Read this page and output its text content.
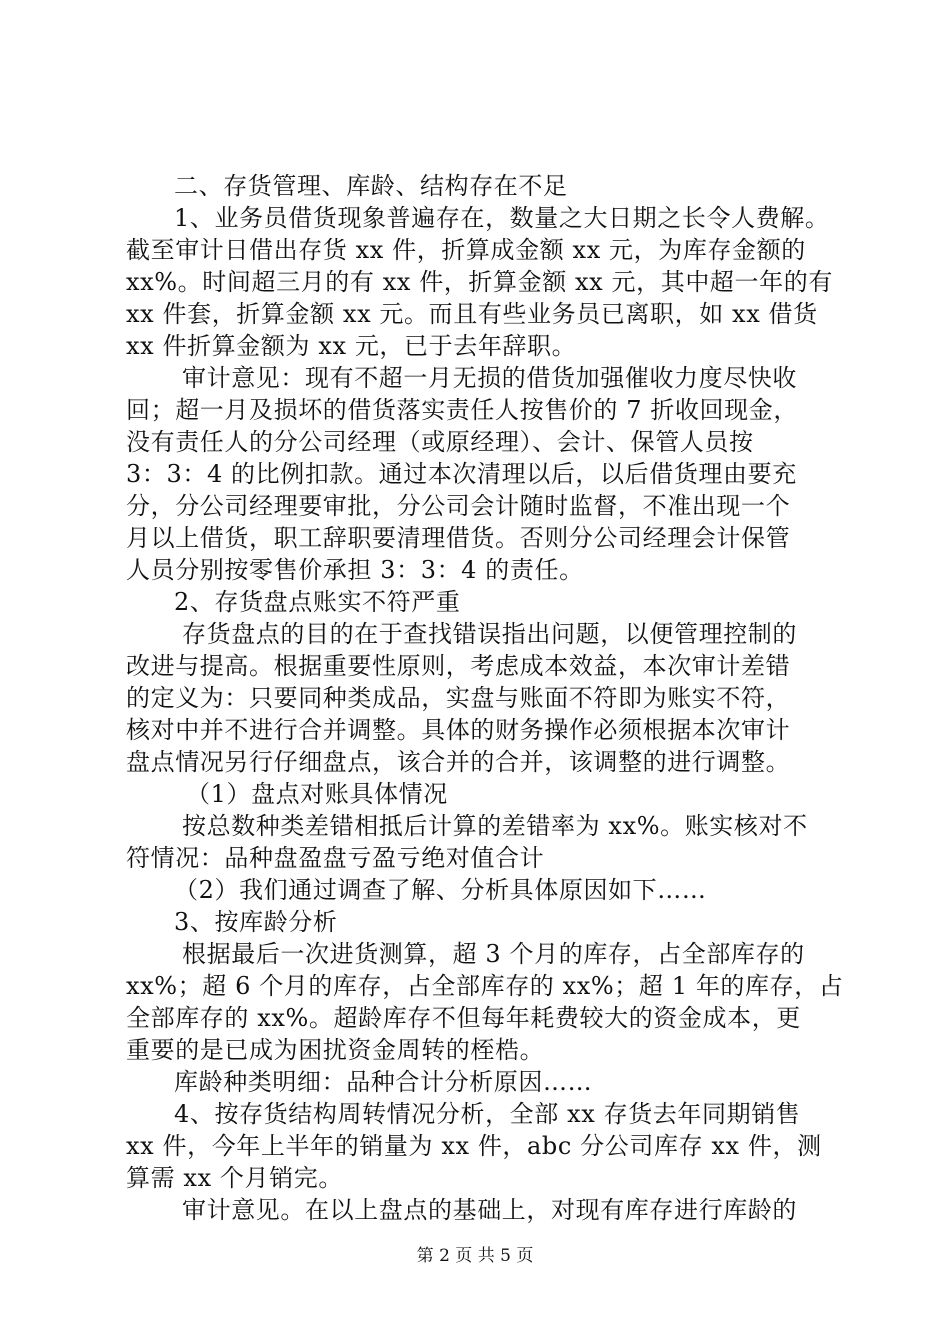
二、存货管理、库龄、结构存在不足
1、业务员借货现象普遍存在，数量之大日期之长令人费解。
截至审计日借出存货 xx 件，折算成金额 xx 元，为库存金额的
xx%。时间超三月的有 xx 件，折算金额 xx 元，其中超一年的有
xx 件套，折算金额 xx 元。而且有些业务员已离职，如 xx 借货
xx 件折算金额为 xx 元，已于去年辞职。
审计意见：现有不超一月无损的借货加强催收力度尽快收
回；超一月及损坏的借货落实责任人按售价的 7 折收回现金，
没有责任人的分公司经理（或原经理）、会计、保管人员按
3：3：4 的比例扣款。通过本次清理以后，以后借货理由要充
分，分公司经理要审批，分公司会计随时监督，不准出现一个
月以上借货，职工辞职要清理借货。否则分公司经理会计保管
人员分别按零售价承担 3：3：4 的责任。
2、存货盘点账实不符严重
存货盘点的目的在于查找错误指出问题，以便管理控制的
改进与提高。根据重要性原则，考虑成本效益，本次审计差错
的定义为：只要同种类成品，实盘与账面不符即为账实不符，
核对中并不进行合并调整。具体的财务操作必须根据本次审计
盘点情况另行仔细盘点，该合并的合并，该调整的进行调整。
（1）盘点对账具体情况
按总数种类差错相抵后计算的差错率为 xx%。账实核对不
符情况：品种盘盈盘亏盈亏绝对值合计
（2）我们通过调查了解、分析具体原因如下……
3、按库龄分析
根据最后一次进货测算，超 3 个月的库存，占全部库存的
xx%；超 6 个月的库存，占全部库存的 xx%；超 1 年的库存，占
全部库存的 xx%。超龄库存不但每年耗费较大的资金成本，更
重要的是已成为困扰资金周转的桎梏。
库龄种类明细：品种合计分析原因……
4、按存货结构周转情况分析，全部 xx 存货去年同期销售
xx 件，今年上半年的销量为 xx 件，abc 分公司库存 xx 件，测
算需 xx 个月销完。
审计意见。在以上盘点的基础上，对现有库存进行库龄的
第 2 页 共 5 页
